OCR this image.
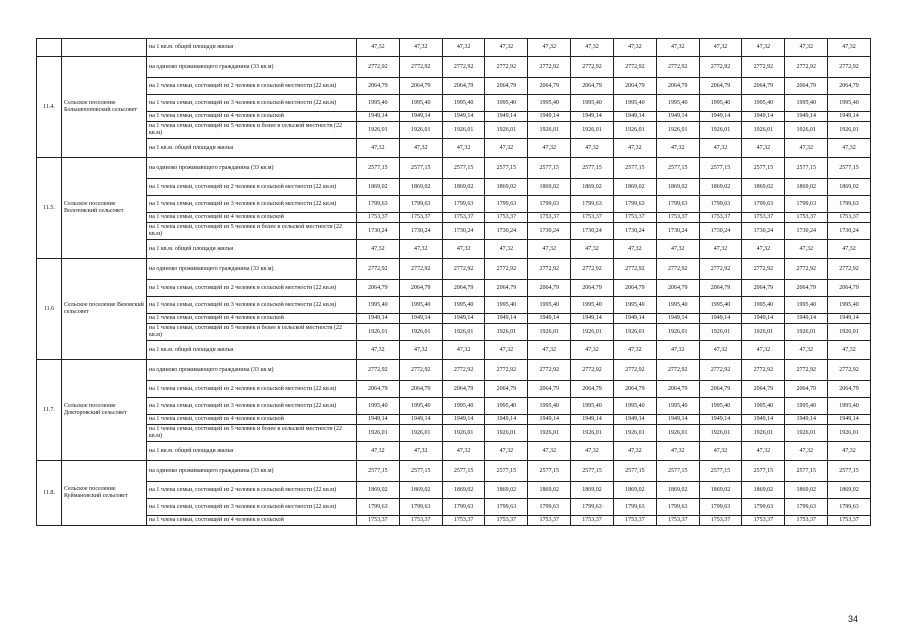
		на 1 кв.м. общей площади жилья	47,32	47,32	47,32	47,32	47,32	47,32	47,32	47,32	47,32	47,32	47,32	47,32
11.4.	Сельское поселение Большепоповский сельсовет	на одиноко проживающего гражданина (33 кв.м)	2772,92	2772,92	2772,92	2772,92	2772,92	2772,92	2772,92	2772,92	2772,92	2772,92	2772,92	2772,92
		на 1 члена семьи, состоящей из 2 человек в сельской местности (22 кв.м)	2064,79	2064,79	2064,79	2064,79	2064,79	2064,79	2064,79	2064,79	2064,79	2064,79	2064,79	2064,79
		на 1 члена семьи, состоящей из 3 человек в сельской местности (22 кв.м)	1995,40	1995,40	1995,40	1995,40	1995,40	1995,40	1995,40	1995,40	1995,40	1995,40	1995,40	1995,40
		на 1 члена семьи, состоящей из 4 человек в сельской	1949,14	1949,14	1949,14	1949,14	1949,14	1949,14	1949,14	1949,14	1949,14	1949,14	1949,14	1949,14
		на 1 члена семьи, состоящей из 5 человек и более в сельской местности (22 кв.м)	1926,01	1926,01	1926,01	1926,01	1926,01	1926,01	1926,01	1926,01	1926,01	1926,01	1926,01	1926,01
		на 1 кв.м. общей площади жилья	47,32	47,32	47,32	47,32	47,32	47,32	47,32	47,32	47,32	47,32	47,32	47,32
11.5.	Сельское поселение Волотовский сельсовет	на одиноко проживающего гражданина (33 кв.м)	2577,15	2577,15	2577,15	2577,15	2577,15	2577,15	2577,15	2577,15	2577,15	2577,15	2577,15	2577,15
		на 1 члена семьи, состоящей из 2 человек в сельской местности (22 кв.м)	1869,02	1869,02	1869,02	1869,02	1869,02	1869,02	1869,02	1869,02	1869,02	1869,02	1869,02	1869,02
		на 1 члена семьи, состоящей из 3 человек в сельской местности (22 кв.м)	1799,63	1799,63	1799,63	1799,63	1799,63	1799,63	1799,63	1799,63	1799,63	1799,63	1799,63	1799,63
		на 1 члена семьи, состоящей из 4 человек в сельской	1753,37	1753,37	1753,37	1753,37	1753,37	1753,37	1753,37	1753,37	1753,37	1753,37	1753,37	1753,37
		на 1 члена семьи, состоящей из 5 человек и более в сельской местности (22 кв.м)	1730,24	1730,24	1730,24	1730,24	1730,24	1730,24	1730,24	1730,24	1730,24	1730,24	1730,24	1730,24
		на 1 кв.м. общей площади жилья	47,32	47,32	47,32	47,32	47,32	47,32	47,32	47,32	47,32	47,32	47,32	47,32
11.6	Сельское поселение Вязовский сельсовет	на одиноко проживающего гражданина (33 кв.м)	2772,92	2772,92	2772,92	2772,92	2772,92	2772,92	2772,92	2772,92	2772,92	2772,92	2772,92	2772,92
		на 1 члена семьи, состоящей из 2 человек в сельской местности (22 кв.м)	2064,79	2064,79	2064,79	2064,79	2064,79	2064,79	2064,79	2064,79	2064,79	2064,79	2064,79	2064,79
		на 1 члена семьи, состоящей из 3 человек в сельской местности (22 кв.м)	1995,40	1995,40	1995,40	1995,40	1995,40	1995,40	1995,40	1995,40	1995,40	1995,40	1995,40	1995,40
		на 1 члена семьи, состоящей из 4 человек в сельской	1949,14	1949,14	1949,14	1949,14	1949,14	1949,14	1949,14	1949,14	1949,14	1949,14	1949,14	1949,14
		на 1 члена семьи, состоящей из 5 человек и более в сельской местности (22 кв.м)	1926,01	1926,01	1926,01	1926,01	1926,01	1926,01	1926,01	1926,01	1926,01	1926,01	1926,01	1926,01
		на 1 кв.м. общей площади жилья	47,32	47,32	47,32	47,32	47,32	47,32	47,32	47,32	47,32	47,32	47,32	47,32
11.7.	Сельское поселение Докторовский сельсовет	на одиноко проживающего гражданина (33 кв.м)	2772,92	2772,92	2772,92	2772,92	2772,92	2772,92	2772,92	2772,92	2772,92	2772,92	2772,92	2772,92
		на 1 члена семьи, состоящей из 2 человек в сельской местности (22 кв.м)	2064,79	2064,79	2064,79	2064,79	2064,79	2064,79	2064,79	2064,79	2064,79	2064,79	2064,79	2064,79
		на 1 члена семьи, состоящей из 3 человек в сельской местности (22 кв.м)	1995,40	1995,40	1995,40	1995,40	1995,40	1995,40	1995,40	1995,40	1995,40	1995,40	1995,40	1995,40
		на 1 члена семьи, состоящей из 4 человек в сельской	1949,14	1949,14	1949,14	1949,14	1949,14	1949,14	1949,14	1949,14	1949,14	1949,14	1949,14	1949,14
		на 1 члена семьи, состоящей из 5 человек и более в сельской местности (22 кв.м)	1926,01	1926,01	1926,01	1926,01	1926,01	1926,01	1926,01	1926,01	1926,01	1926,01	1926,01	1926,01
		на 1 кв.м. общей площади жилья	47,32	47,32	47,32	47,32	47,32	47,32	47,32	47,32	47,32	47,32	47,32	47,32
11.8.	Сельское поселение Куймановский сельсовет	на одиноко проживающего гражданина (33 кв.м)	2577,15	2577,15	2577,15	2577,15	2577,15	2577,15	2577,15	2577,15	2577,15	2577,15	2577,15	2577,15
		на 1 члена семьи, состоящей из 2 человек в сельской местности (22 кв.м)	1869,02	1869,02	1869,02	1869,02	1869,02	1869,02	1869,02	1869,02	1869,02	1869,02	1869,02	1869,02
		на 1 члена семьи, состоящей из 3 человек в сельской местности (22 кв.м)	1799,63	1799,63	1799,63	1799,63	1799,63	1799,63	1799,63	1799,63	1799,63	1799,63	1799,63	1799,63
		на 1 члена семьи, состоящей из 4 человек в сельской	1753,37	1753,37	1753,37	1753,37	1753,37	1753,37	1753,37	1753,37	1753,37	1753,37	1753,37	1753,37
34
